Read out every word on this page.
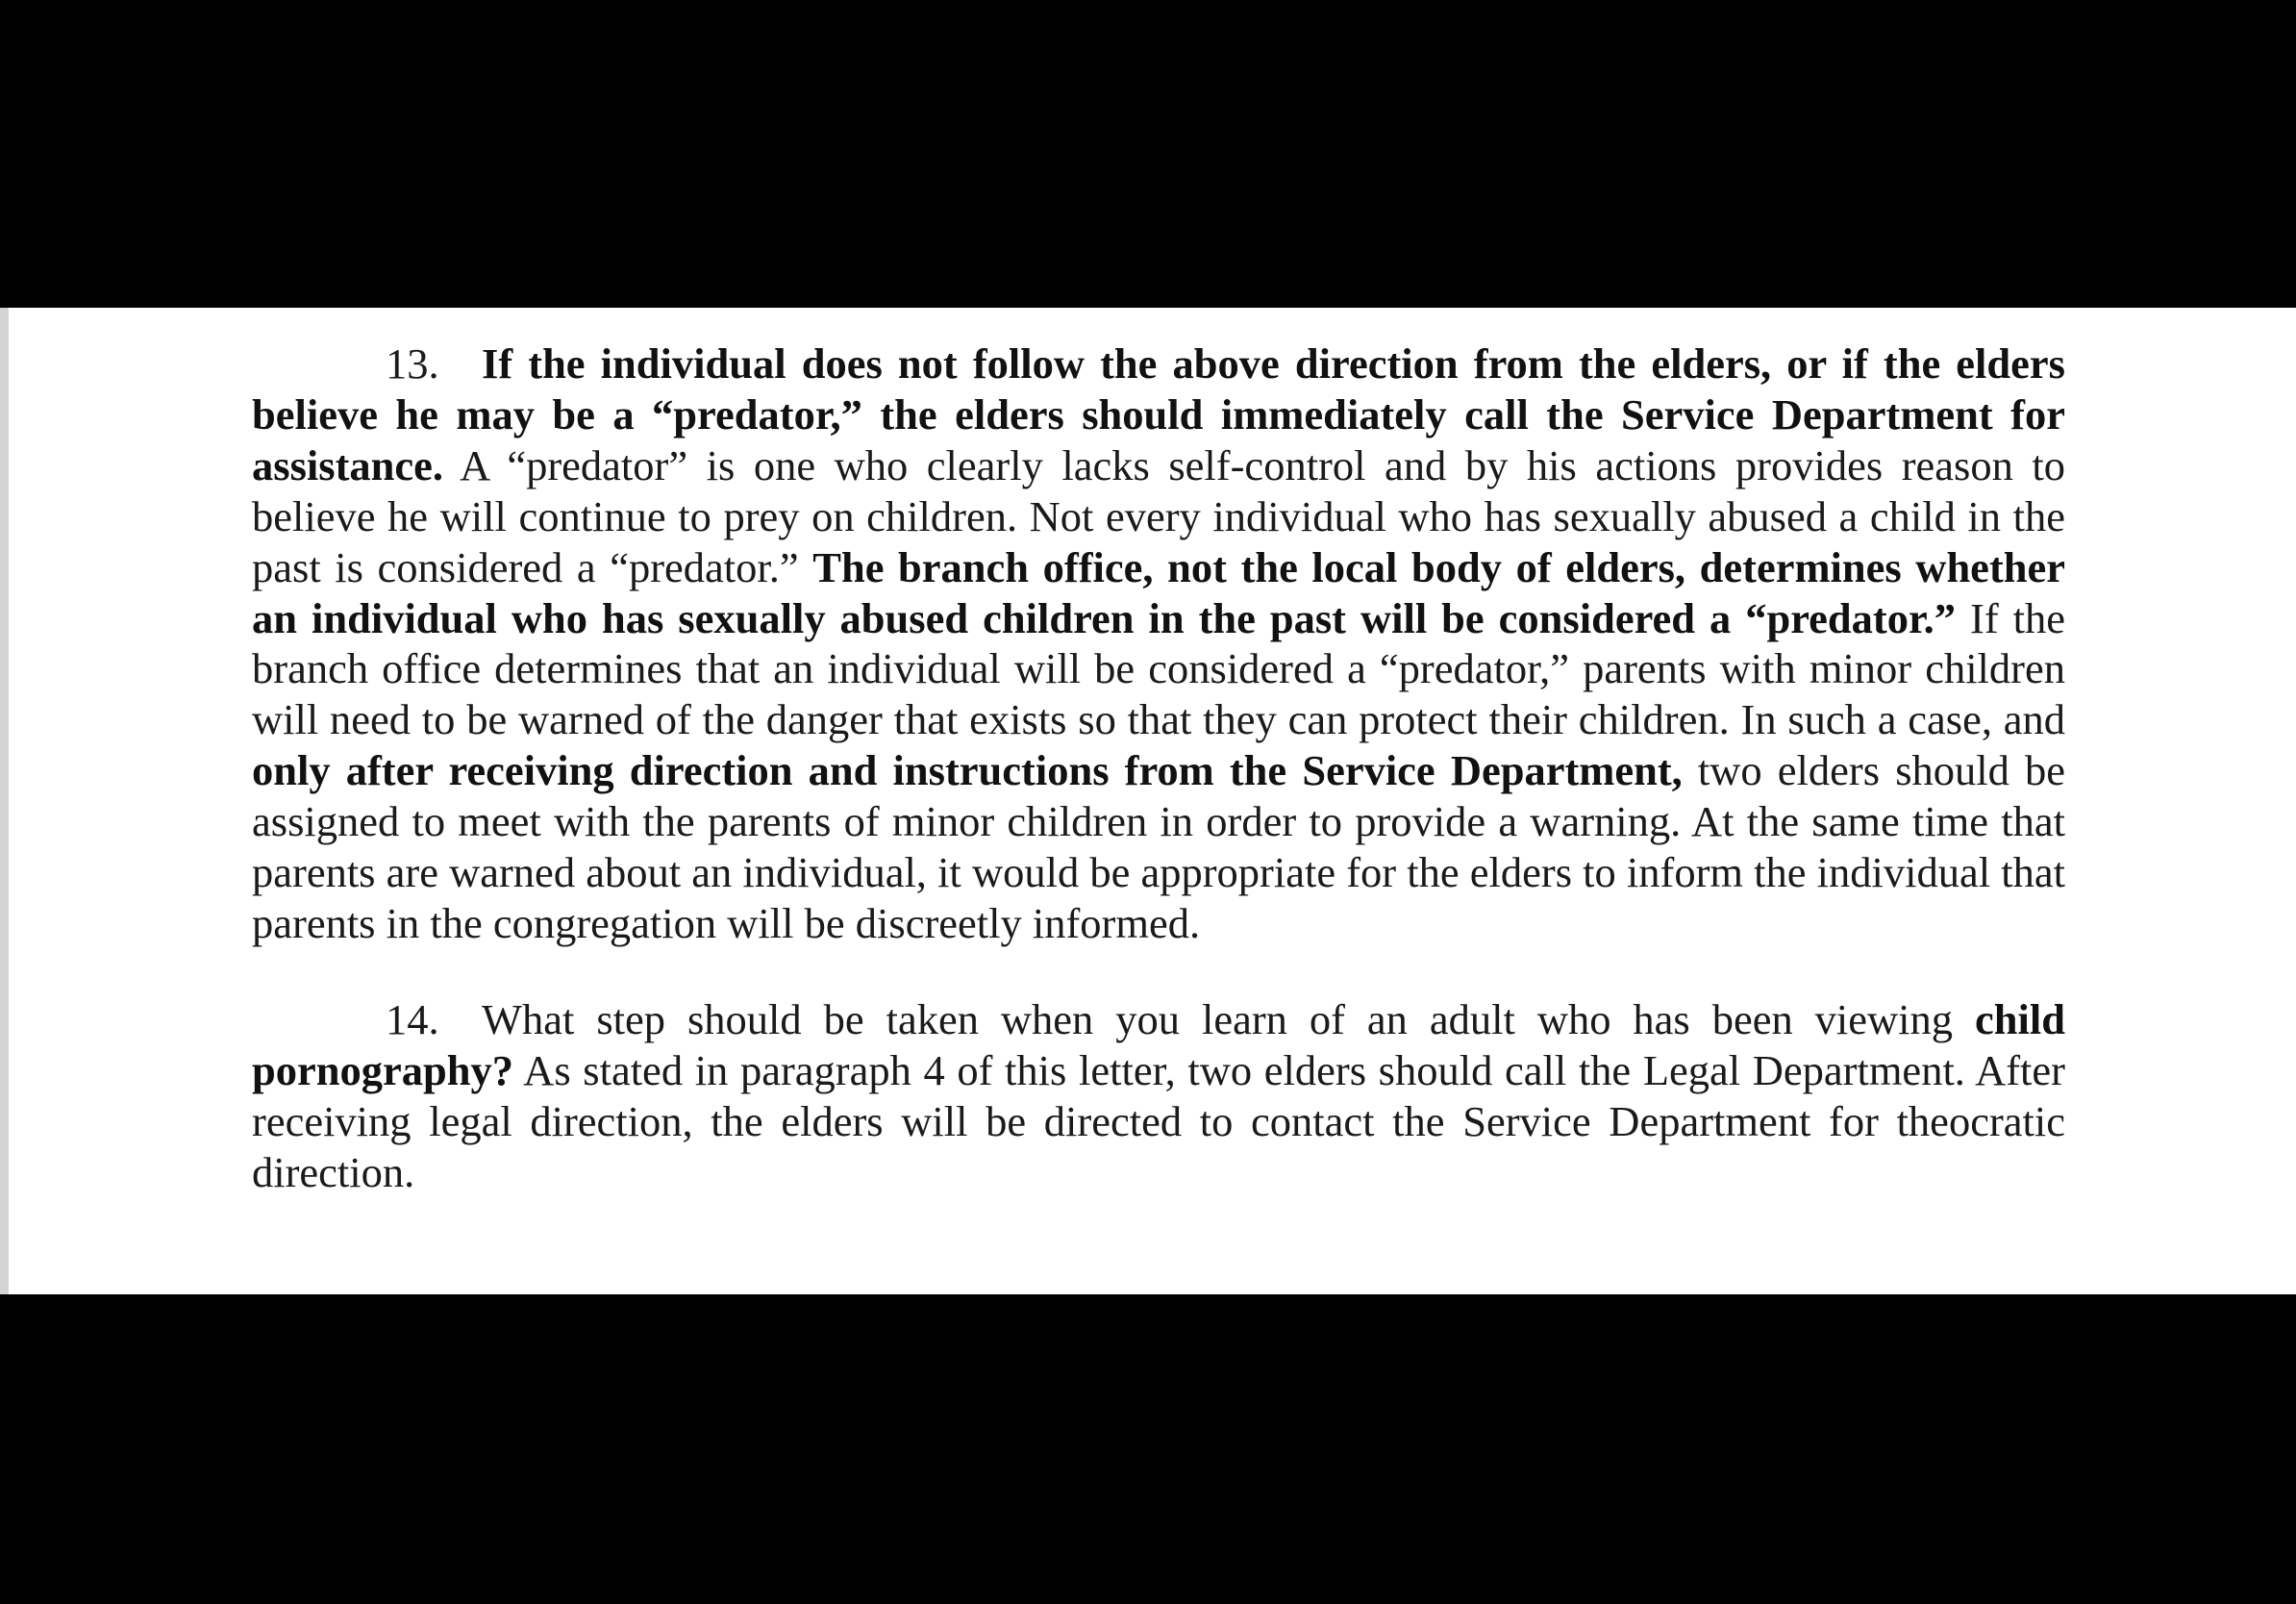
13. If the individual does not follow the above direction from the elders, or if the elders believe he may be a “predator,” the elders should immediately call the Service Department for assistance. A “predator” is one who clearly lacks self-control and by his actions provides reason to believe he will continue to prey on children. Not every individual who has sexually abused a child in the past is considered a “predator.” The branch office, not the local body of elders, determines whether an individual who has sexually abused children in the past will be considered a “predator.” If the branch office determines that an individual will be considered a “predator,” parents with minor children will need to be warned of the danger that exists so that they can protect their children. In such a case, and only after receiving direction and instructions from the Service Department, two elders should be assigned to meet with the parents of minor children in order to provide a warning. At the same time that parents are warned about an individual, it would be appropriate for the elders to inform the individual that parents in the congregation will be discreetly informed.

14. What step should be taken when you learn of an adult who has been viewing child pornography? As stated in paragraph 4 of this letter, two elders should call the Legal Department. After receiving legal direction, the elders will be directed to contact the Service Department for theocratic direction.
